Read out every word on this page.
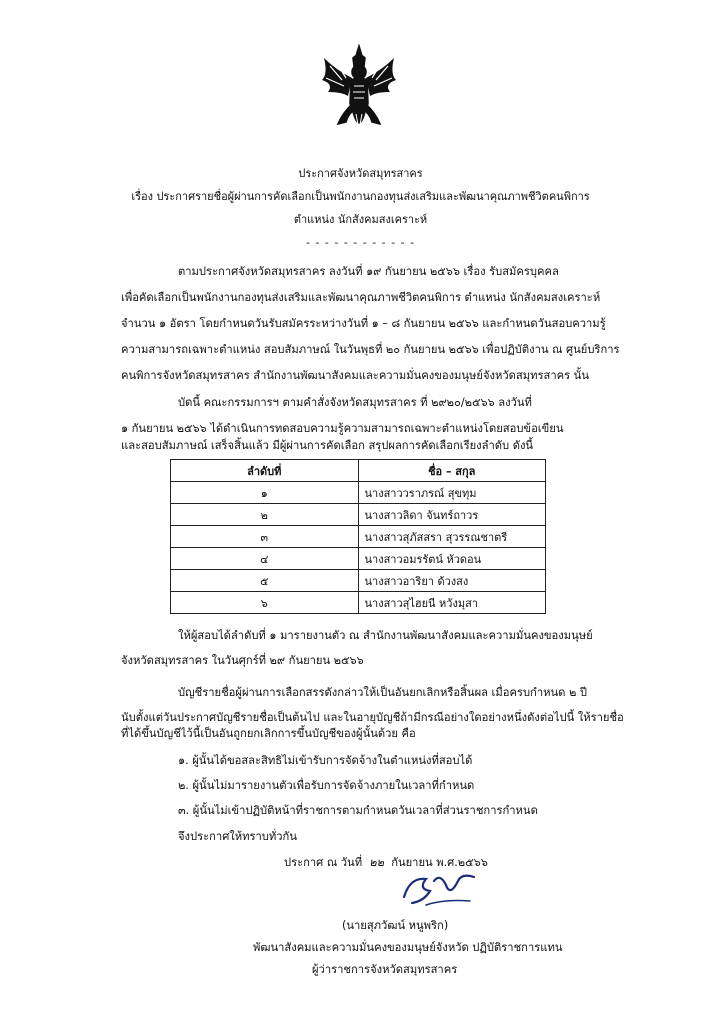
ประกาศจังหวัดสมุทรสาคร
เรื่อง ประกาศรายชื่อผู้ผ่านการคัดเลือกเป็นพนักงานกองทุนส่งเสริมและพัฒนาคุณภาพชีวิตคนพิการ
ตำแหน่ง นักสังคมสงเคราะห์
- - - - - - - - - - - -
ตามประกาศจังหวัดสมุทรสาคร ลงวันที่ ๑๙ กันยายน ๒๕๖๖ เรื่อง รับสมัครบุคคล
เพื่อคัดเลือกเป็นพนักงานกองทุนส่งเสริมและพัฒนาคุณภาพชีวิตคนพิการ ตำแหน่ง นักสังคมสงเคราะห์
จำนวน ๑ อัตรา โดยกำหนดวันรับสมัครระหว่างวันที่ ๑ – ๘ กันยายน ๒๕๖๖ และกำหนดวันสอบความรู้
ความสามารถเฉพาะตำแหน่ง สอบสัมภาษณ์ ในวันพุธที่ ๒๐ กันยายน ๒๕๖๖ เพื่อปฏิบัติงาน ณ ศูนย์บริการ
คนพิการจังหวัดสมุทรสาคร สำนักงานพัฒนาสังคมและความมั่นคงของมนุษย์จังหวัดสมุทรสาคร นั้น
บัดนี้ คณะกรรมการฯ ตามคำสั่งจังหวัดสมุทรสาคร ที่ ๒๙๒๐/๒๕๖๖ ลงวันที่
๑ กันยายน ๒๕๖๖ ได้ดำเนินการทดสอบความรู้ความสามารถเฉพาะตำแหน่งโดยสอบข้อเขียน
และสอบสัมภาษณ์ เสร็จสิ้นแล้ว มีผู้ผ่านการคัดเลือก สรุปผลการคัดเลือกเรียงลำดับ ดังนี้
ลำดับที่	ชื่อ – สกุล
๑	นางสาววราภรณ์ สุขทุม
๒	นางสาวลิดา จันทร์ถาวร
๓	นางสาวสุภัสสรา สุวรรณชาตรี
๔	นางสาวอมรรัตน์ หัวดอน
๕	นางสาวอาริยา ด้วงสง
๖	นางสาวสุไฮยนี หวังมุสา
ให้ผู้สอบได้ลำดับที่ ๑ มารายงานตัว ณ สำนักงานพัฒนาสังคมและความมั่นคงของมนุษย์
จังหวัดสมุทรสาคร ในวันศุกร์ที่ ๒๙ กันยายน ๒๕๖๖
บัญชีรายชื่อผู้ผ่านการเลือกสรรดังกล่าวให้เป็นอันยกเลิกหรือสิ้นผล เมื่อครบกำหนด ๒ ปี
นับตั้งแต่วันประกาศบัญชีรายชื่อเป็นต้นไป และในอายุบัญชีถ้ามีกรณีอย่างใดอย่างหนึ่งดังต่อไปนี้ ให้รายชื่อ
ที่ได้ขึ้นบัญชีไว้นี้เป็นอันถูกยกเลิกการขึ้นบัญชีของผู้นั้นด้วย คือ
๑. ผู้นั้นได้ขอสละสิทธิไม่เข้ารับการจัดจ้างในตำแหน่งที่สอบได้
๒. ผู้นั้นไม่มารายงานตัวเพื่อรับการจัดจ้างภายในเวลาที่กำหนด
๓. ผู้นั้นไม่เข้าปฏิบัติหน้าที่ราชการตามกำหนดวันเวลาที่ส่วนราชการกำหนด
จึงประกาศให้ทราบทั่วกัน
ประกาศ ณ วันที่ ๒๒ กันยายน พ.ศ.๒๕๖๖
(นายสุภวัฒน์ หนูพริก)
พัฒนาสังคมและความมั่นคงของมนุษย์จังหวัด ปฏิบัติราชการแทน
ผู้ว่าราชการจังหวัดสมุทรสาคร
